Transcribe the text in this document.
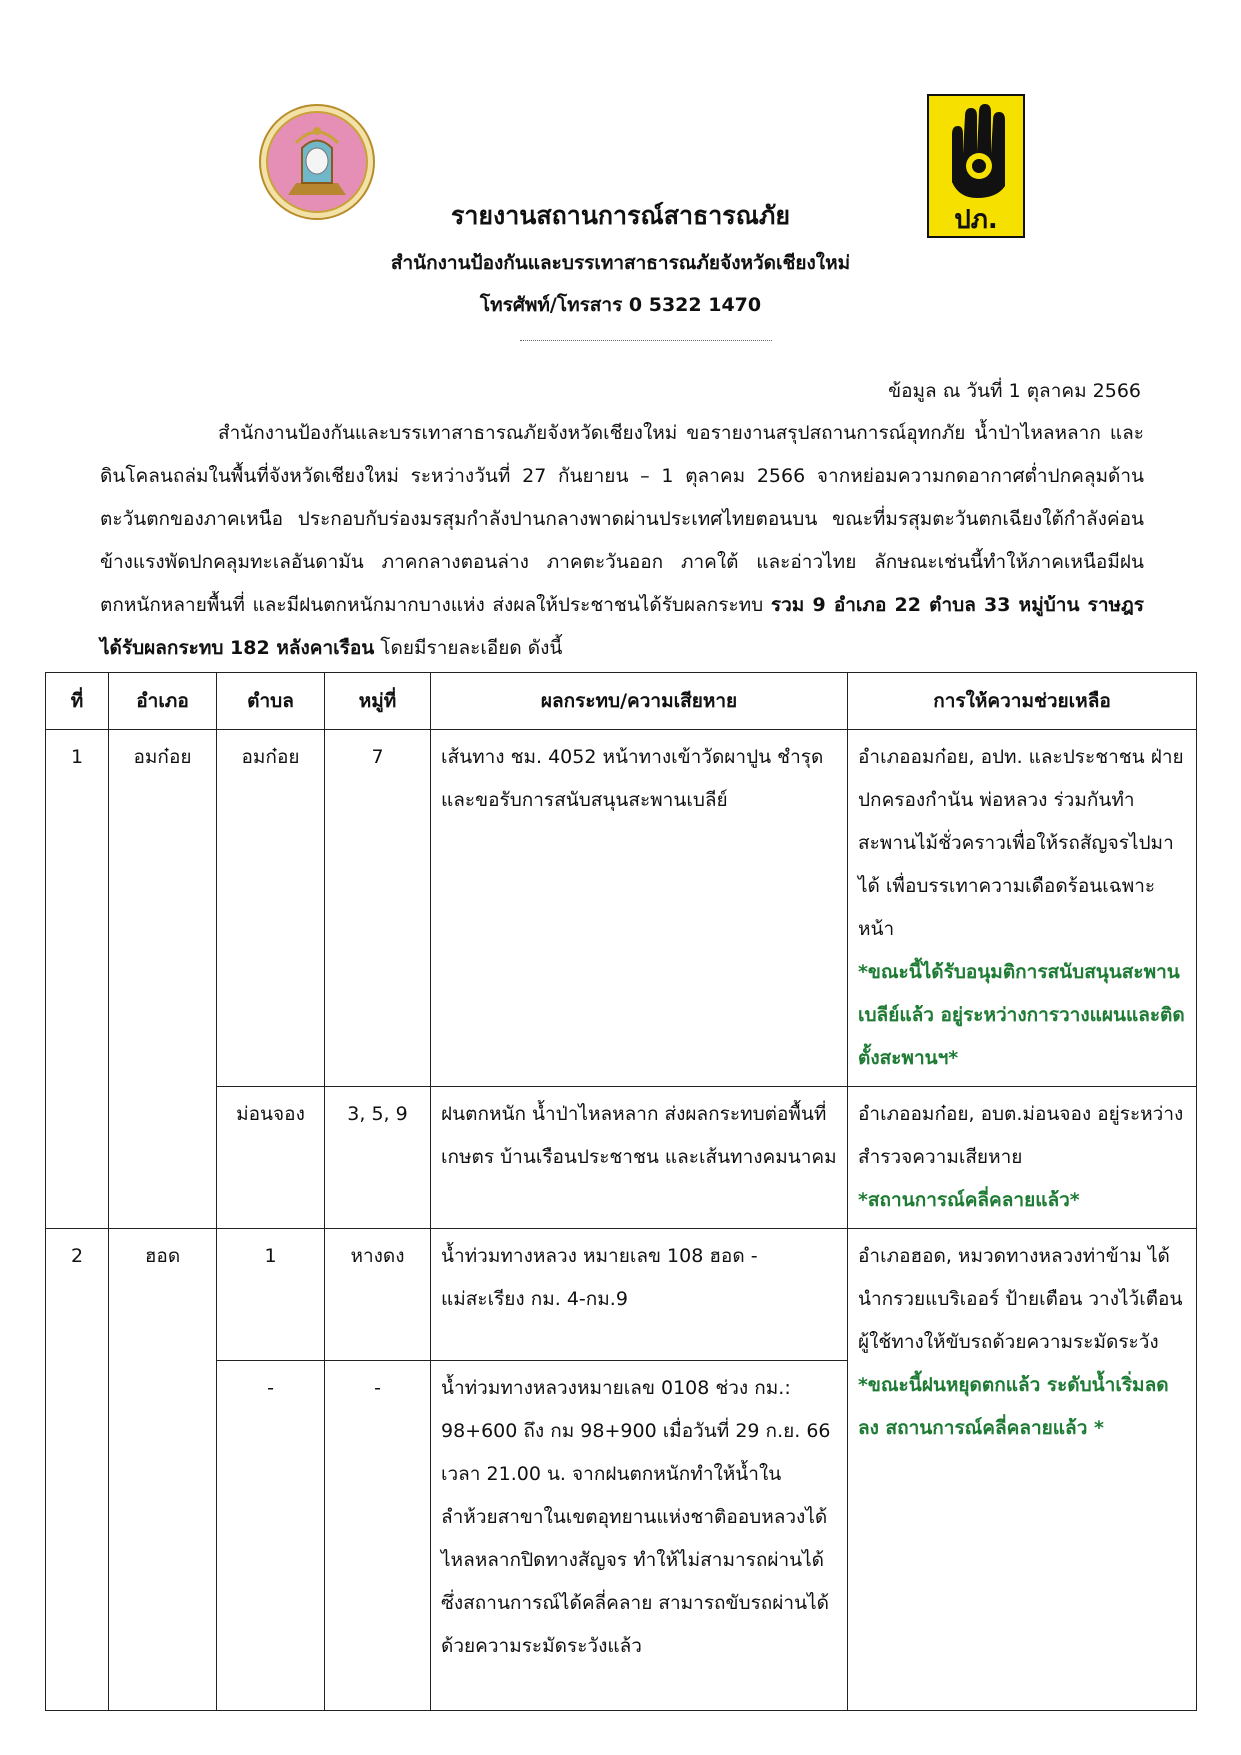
ปภ.
รายงานสถานการณ์สาธารณภัย
สำนักงานป้องกันและบรรเทาสาธารณภัยจังหวัดเชียงใหม่
โทรศัพท์/โทรสาร 0 5322 1470
ข้อมูล ณ วันที่ 1 ตุลาคม 2566
สำนักงานป้องกันและบรรเทาสาธารณภัยจังหวัดเชียงใหม่ ขอรายงานสรุปสถานการณ์อุทกภัย น้ำป่าไหลหลาก และดินโคลนถล่มในพื้นที่จังหวัดเชียงใหม่ ระหว่างวันที่ 27 กันยายน – 1 ตุลาคม 2566 จากหย่อมความกดอากาศต่ำปกคลุมด้านตะวันตกของภาคเหนือ ประกอบกับร่องมรสุมกำลังปานกลางพาดผ่านประเทศไทยตอนบน ขณะที่มรสุมตะวันตกเฉียงใต้กำลังค่อนข้างแรงพัดปกคลุมทะเลอันดามัน ภาคกลางตอนล่าง ภาคตะวันออก ภาคใต้ และอ่าวไทย ลักษณะเช่นนี้ทำให้ภาคเหนือมีฝนตกหนักหลายพื้นที่ และมีฝนตกหนักมากบางแห่ง ส่งผลให้ประชาชนได้รับผลกระทบ รวม 9 อำเภอ 22 ตำบล 33 หมู่บ้าน ราษฎรได้รับผลกระทบ 182 หลังคาเรือน โดยมีรายละเอียด ดังนี้
ที่	อำเภอ	ตำบล	หมู่ที่	ผลกระทบ/ความเสียหาย	การให้ความช่วยเหลือ
1	อมก๋อย	อมก๋อย	7	เส้นทาง ชม. 4052 หน้าทางเข้าวัดผาปูน ชำรุดและขอรับการสนับสนุนสะพานเบลีย์	อำเภออมก๋อย, อปท. และประชาชน ฝ่ายปกครองกำนัน พ่อหลวง ร่วมกันทำสะพานไม้ชั่วคราวเพื่อให้รถสัญจรไปมาได้ เพื่อบรรเทาความเดือดร้อนเฉพาะหน้า
*ขณะนี้ได้รับอนุมติการสนับสนุนสะพานเบลีย์แล้ว อยู่ระหว่างการวางแผนและติดตั้งสะพานฯ*
		ม่อนจอง	3, 5, 9	ฝนตกหนัก น้ำป่าไหลหลาก ส่งผลกระทบต่อพื้นที่เกษตร บ้านเรือนประชาชน และเส้นทางคมนาคม	อำเภออมก๋อย, อบต.ม่อนจอง อยู่ระหว่างสำรวจความเสียหาย
*สถานการณ์คลี่คลายแล้ว*
2	ฮอด	1	หางดง	น้ำท่วมทางหลวง หมายเลข 108 ฮอด - แม่สะเรียง กม. 4-กม.9	อำเภอฮอด, หมวดทางหลวงท่าข้าม ได้นำกรวยแบริเออร์ ป้ายเตือน วางไว้เตือนผู้ใช้ทางให้ขับรถด้วยความระมัดระวัง
*ขณะนี้ฝนหยุดตกแล้ว ระดับน้ำเริ่มลดลง สถานการณ์คลี่คลายแล้ว *
		-	-	น้ำท่วมทางหลวงหมายเลข 0108 ช่วง กม.: 98+600 ถึง กม 98+900 เมื่อวันที่ 29 ก.ย. 66 เวลา 21.00 น. จากฝนตกหนักทำให้น้ำในลำห้วยสาขาในเขตอุทยานแห่งชาติออบหลวงได้ไหลหลากปิดทางสัญจร ทำให้ไม่สามารถผ่านได้ ซึ่งสถานการณ์ได้คลี่คลาย สามารถขับรถผ่านได้ด้วยความระมัดระวังแล้ว	
